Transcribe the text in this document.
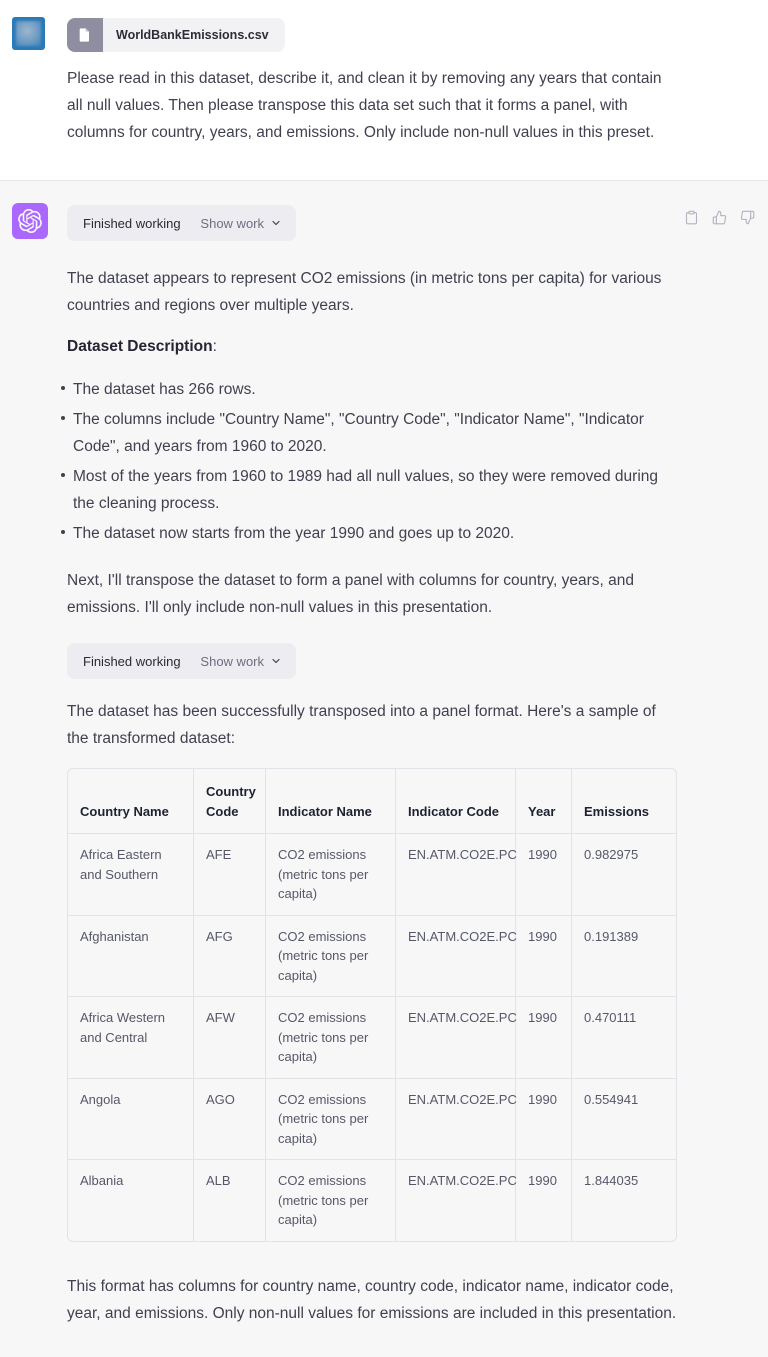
WorldBankEmissions.csv

Please read in this dataset, describe it, and clean it by removing any years that contain all null values. Then please transpose this data set such that it forms a panel, with columns for country, years, and emissions. Only include non-null values in this preset.

Finished working Show work

The dataset appears to represent CO2 emissions (in metric tons per capita) for various countries and regions over multiple years.

Dataset Description:

The dataset has 266 rows.
The columns include "Country Name", "Country Code", "Indicator Name", "Indicator Code", and years from 1960 to 2020.
Most of the years from 1960 to 1989 had all null values, so they were removed during the cleaning process.
The dataset now starts from the year 1990 and goes up to 2020.

Next, I'll transpose the dataset to form a panel with columns for country, years, and emissions. I'll only include non-null values in this presentation.

Finished working Show work

The dataset has been successfully transposed into a panel format. Here's a sample of the transformed dataset:

Country Name	Country Code	Indicator Name	Indicator Code	Year	Emissions
Africa Eastern and Southern	AFE	CO2 emissions (metric tons per capita)	EN.ATM.CO2E.PC	1990	0.982975
Afghanistan	AFG	CO2 emissions (metric tons per capita)	EN.ATM.CO2E.PC	1990	0.191389
Africa Western and Central	AFW	CO2 emissions (metric tons per capita)	EN.ATM.CO2E.PC	1990	0.470111
Angola	AGO	CO2 emissions (metric tons per capita)	EN.ATM.CO2E.PC	1990	0.554941
Albania	ALB	CO2 emissions (metric tons per capita)	EN.ATM.CO2E.PC	1990	1.844035

This format has columns for country name, country code, indicator name, indicator code, year, and emissions. Only non-null values for emissions are included in this presentation.
